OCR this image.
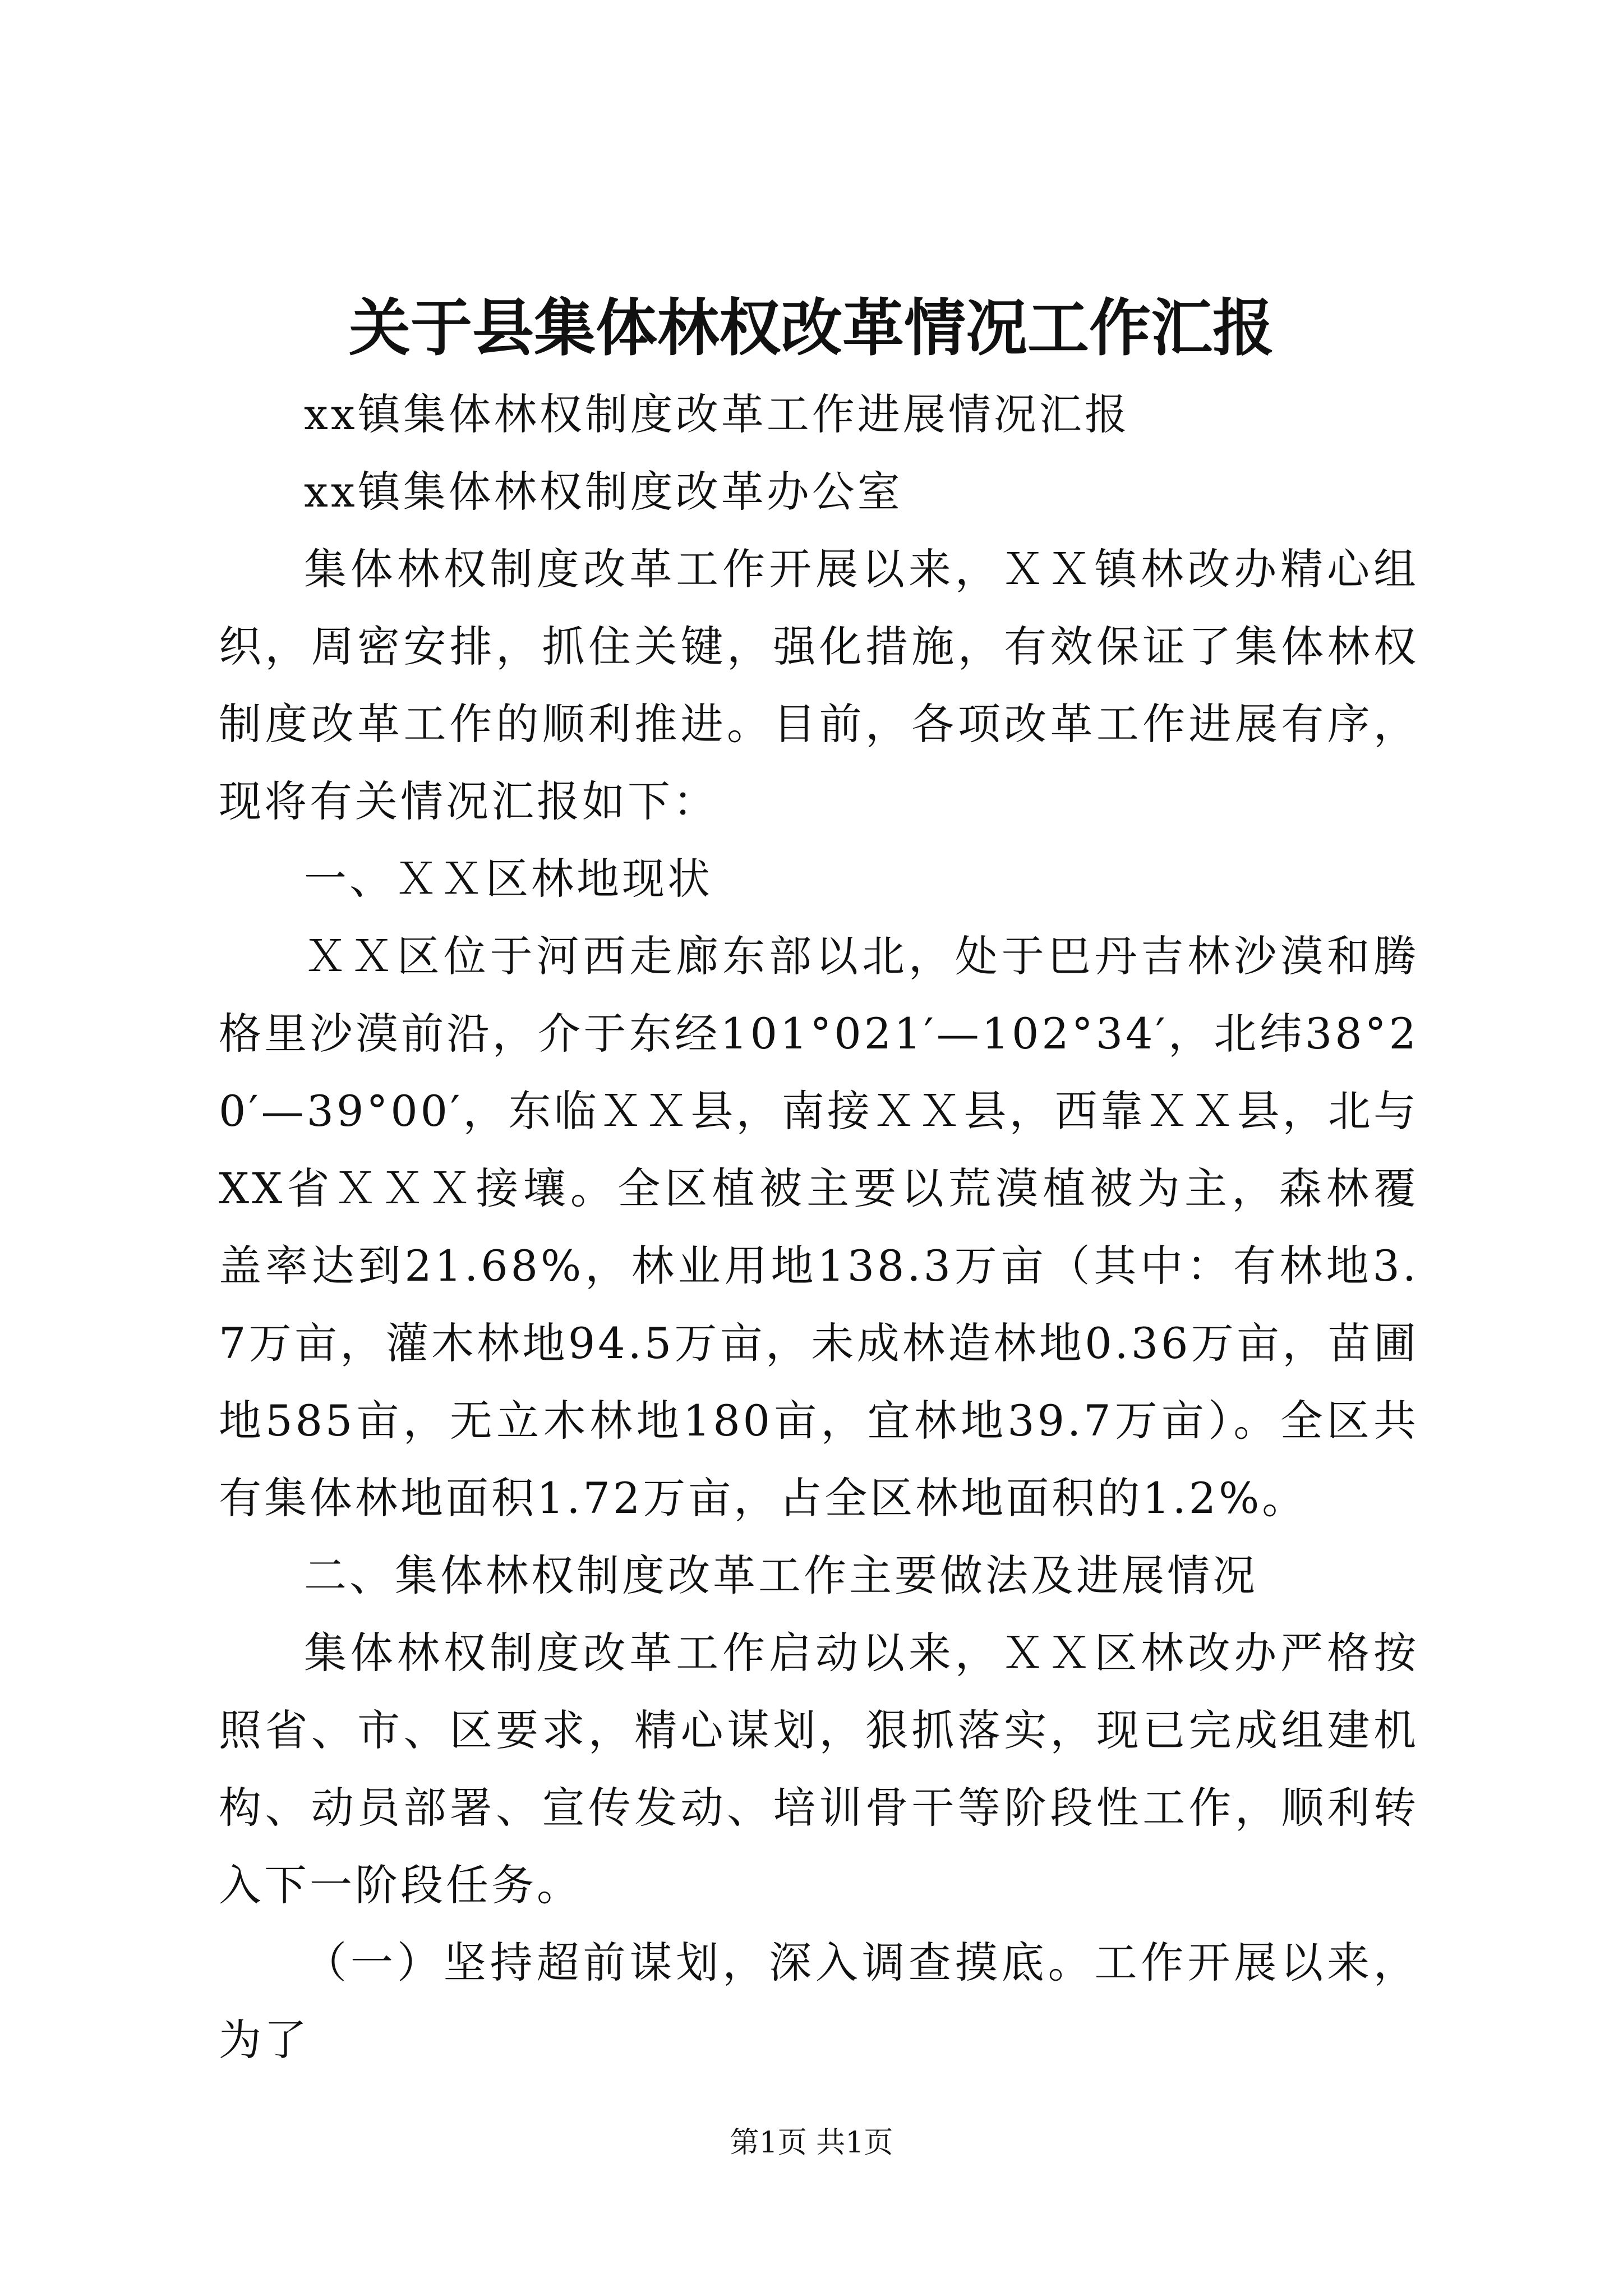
关于县集体林权改革情况工作汇报

xx镇集体林权制度改革工作进展情况汇报

xx镇集体林权制度改革办公室

集体林权制度改革工作开展以来，ＸＸ镇林改办精心组织，周密安排，抓住关键，强化措施，有效保证了集体林权制度改革工作的顺利推进。目前，各项改革工作进展有序，现将有关情况汇报如下：

一、ＸＸ区林地现状

ＸＸ区位于河西走廊东部以北，处于巴丹吉林沙漠和腾格里沙漠前沿，介于东经101°021′—102°34′，北纬38°20′—39°00′，东临ＸＸ县，南接ＸＸ县，西靠ＸＸ县，北与XX省ＸＸＸ接壤。全区植被主要以荒漠植被为主，森林覆盖率达到21.68%，林业用地138.3万亩（其中：有林地3.7万亩，灌木林地94.5万亩，未成林造林地0.36万亩，苗圃地585亩，无立木林地180亩，宜林地39.7万亩）。全区共有集体林地面积1.72万亩，占全区林地面积的1.2%。

二、集体林权制度改革工作主要做法及进展情况

集体林权制度改革工作启动以来，ＸＸ区林改办严格按照省、市、区要求，精心谋划，狠抓落实，现已完成组建机构、动员部署、宣传发动、培训骨干等阶段性工作，顺利转入下一阶段任务。

（一）坚持超前谋划，深入调查摸底。工作开展以来，为了

第1页 共1页
